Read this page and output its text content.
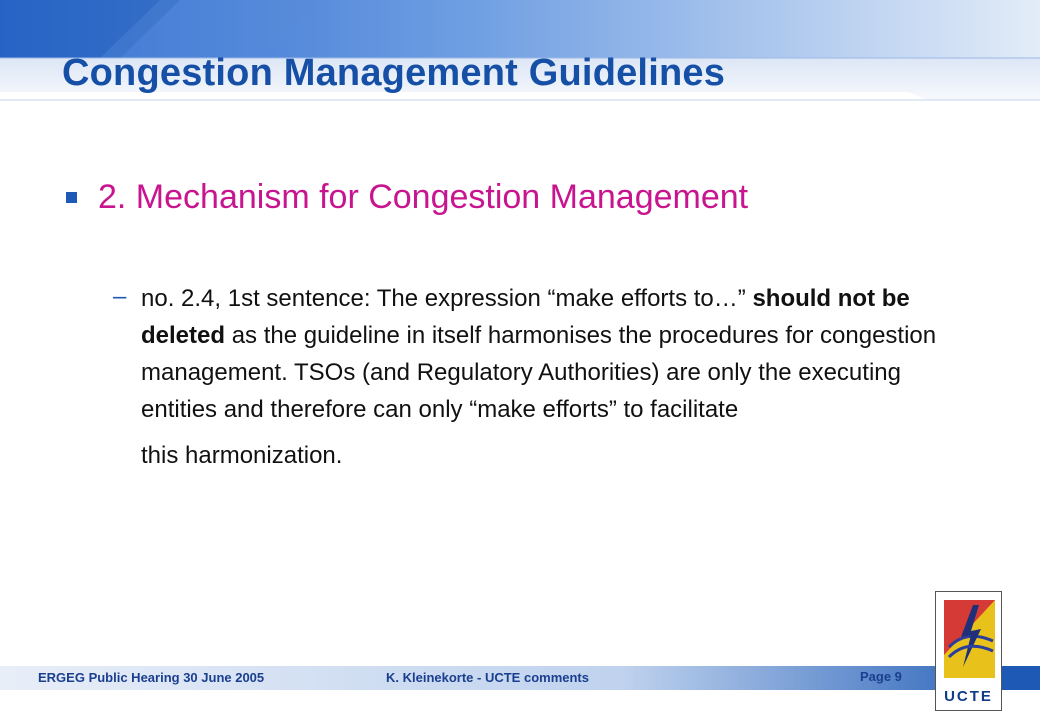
Congestion Management Guidelines
2. Mechanism for Congestion Management
– no. 2.4, 1st sentence: The expression “make efforts to…” should not be deleted as the guideline in itself harmonises the procedures for congestion management. TSOs (and Regulatory Authorities) are only the executing entities and therefore can only “make efforts” to facilitate
this harmonization.

ERGEG Public Hearing 30 June 2005	K. Kleinekorte - UCTE comments	Page 9
UCTE
